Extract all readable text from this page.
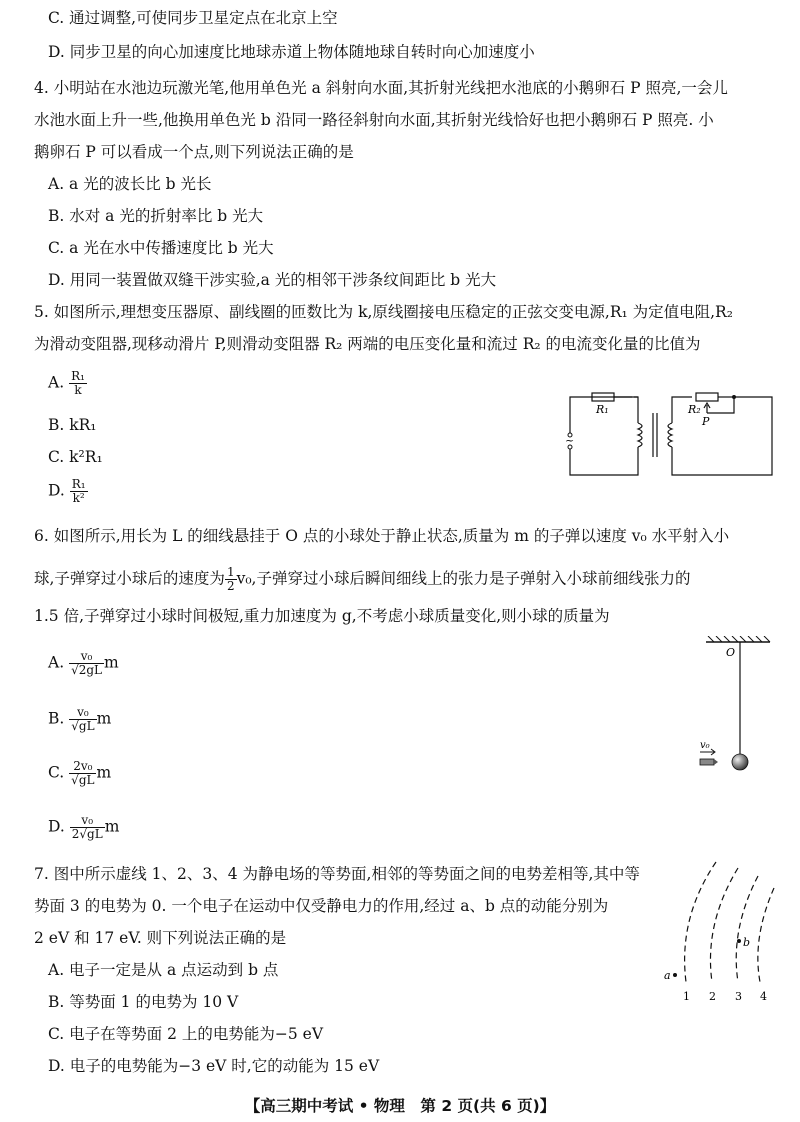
C. 通过调整,可使同步卫星定点在北京上空
D. 同步卫星的向心加速度比地球赤道上物体随地球自转时向心加速度小
4. 小明站在水池边玩激光笔,他用单色光 a 斜射向水面,其折射光线把水池底的小鹅卵石 P 照亮,一会儿
水池水面上升一些,他换用单色光 b 沿同一路径斜射向水面,其折射光线恰好也把小鹅卵石 P 照亮. 小
鹅卵石 P 可以看成一个点,则下列说法正确的是
A. a 光的波长比 b 光长
B. 水对 a 光的折射率比 b 光大
C. a 光在水中传播速度比 b 光大
D. 用同一装置做双缝干涉实验,a 光的相邻干涉条纹间距比 b 光大
5. 如图所示,理想变压器原、副线圈的匝数比为 k,原线圈接电压稳定的正弦交变电源,R₁ 为定值电阻,R₂
为滑动变阻器,现移动滑片 P,则滑动变阻器 R₂ 两端的电压变化量和流过 R₂ 的电流变化量的比值为
A. $\frac{\text{R₁}}{k}$
B. kR₁
C. k²R₁
D. $\frac{\text{R₁}}{\text{k²}}$
~
R₁	R₂
P
6. 如图所示,用长为 L 的细线悬挂于 O 点的小球处于静止状态,质量为 m 的子弹以速度 v₀ 水平射入小
球,子弹穿过小球后的速度为 $\frac{1}{2} v_0$,子弹穿过小球后瞬间细线上的张力是子弹射入小球前细线张力的
1.5 倍,子弹穿过小球时间极短,重力加速度为 g,不考虑小球质量变化,则小球的质量为
A. $\frac{\text{v₀}}{√2gL}$ m
B. $\frac{\text{v₀}}{√gL}$ m
C. $\frac{\text{2v₀}}{√gL}$ m
D. $\frac{\text{v₀}}{2√gL}$ m
O
v₀
7. 图中所示虚线 1、2、3、4 为静电场的等势面,相邻的等势面之间的电势差相等,其中等
势面 3 的电势为 0. 一个电子在运动中仅受静电力的作用,经过 a、b 点的动能分别为
2 eV 和 17 eV. 则下列说法正确的是
A. 电子一定是从 a 点运动到 b 点
B. 等势面 1 的电势为 10 V
C. 电子在等势面 2 上的电势能为−5 eV
D. 电子的电势能为−3 eV 时,它的动能为 15 eV
a
b
1 2 3 4
【高三期中考试 • 物理　第 2 页(共 6 页)】
